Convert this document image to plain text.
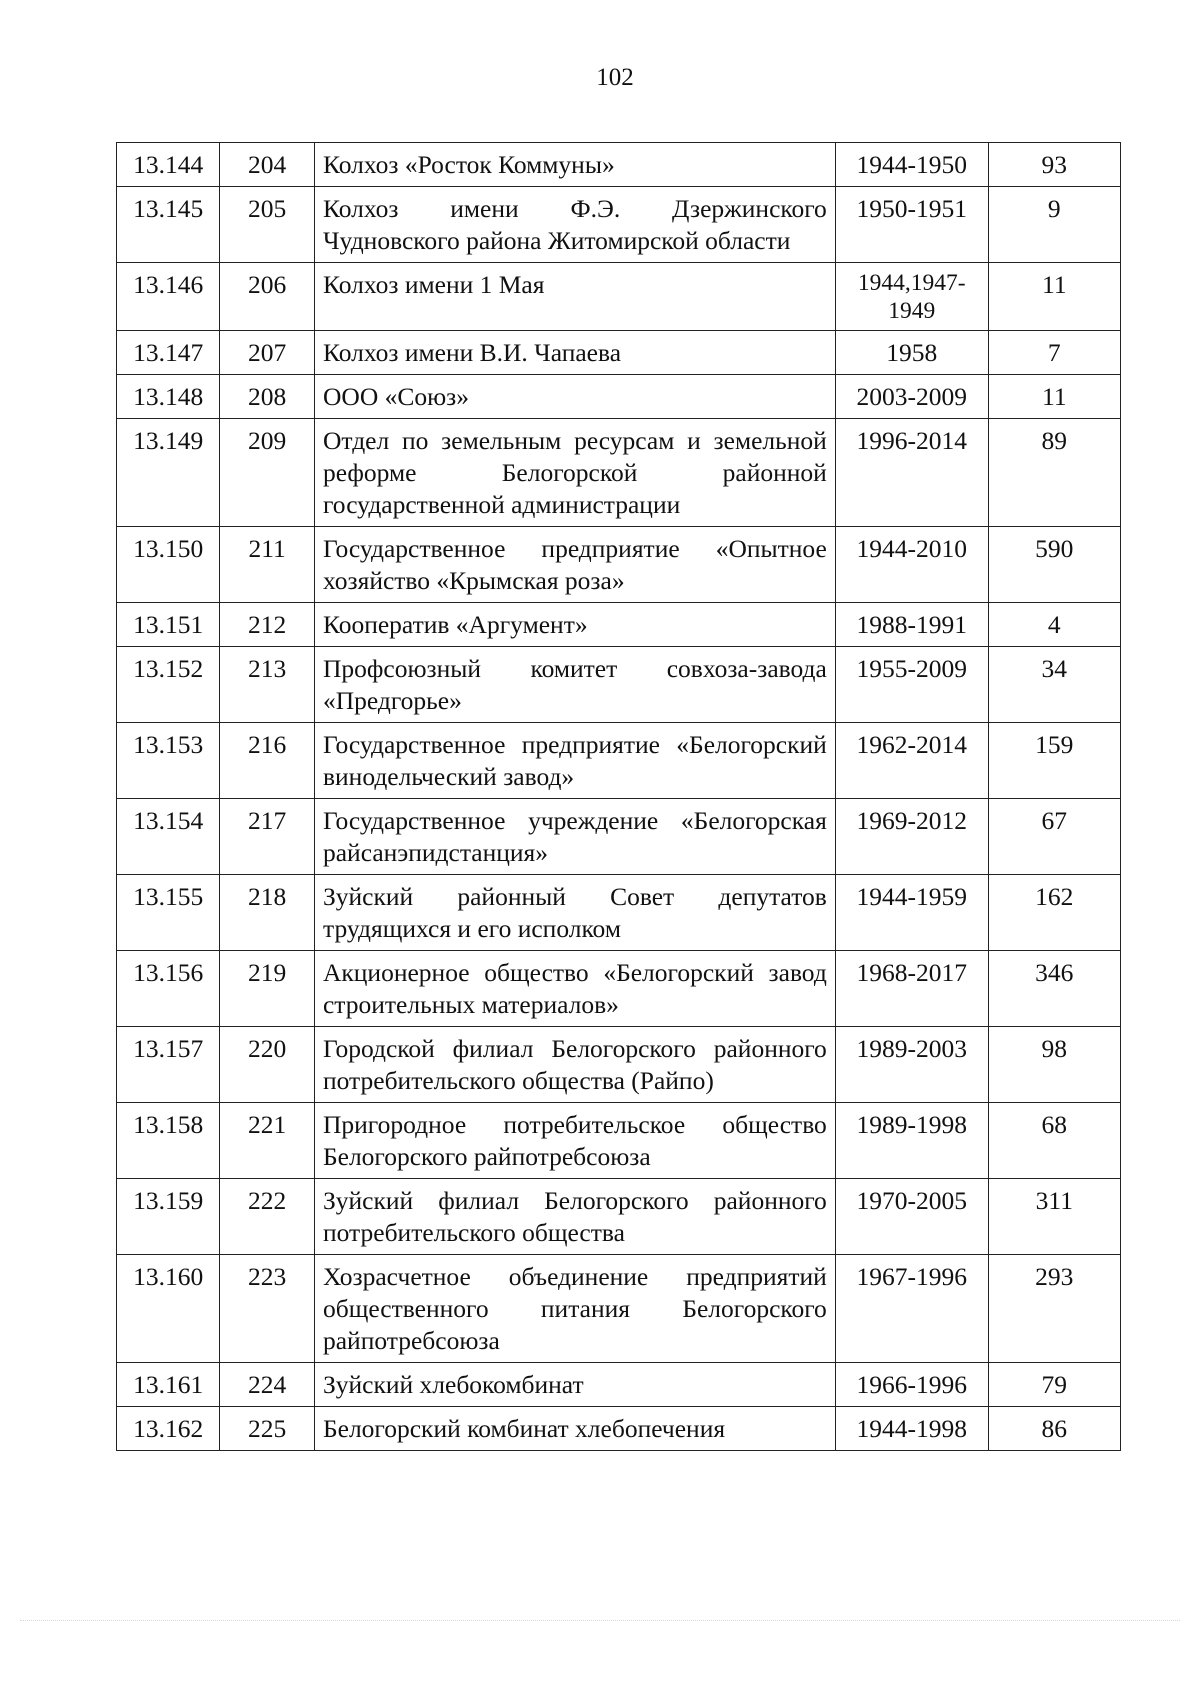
102
13.144	204	Колхоз «Росток Коммуны»	1944-1950	93
13.145	205	Колхоз имени Ф.Э. Дзержинского Чудновского района Житомирской области	1950-1951	9
13.146	206	Колхоз имени 1 Мая	1944,1947-1949	11
13.147	207	Колхоз имени В.И. Чапаева	1958	7
13.148	208	ООО «Союз»	2003-2009	11
13.149	209	Отдел по земельным ресурсам и земельной реформе Белогорской районной государственной администрации	1996-2014	89
13.150	211	Государственное предприятие «Опытное хозяйство «Крымская роза»	1944-2010	590
13.151	212	Кооператив «Аргумент»	1988-1991	4
13.152	213	Профсоюзный комитет совхоза-завода «Предгорье»	1955-2009	34
13.153	216	Государственное предприятие «Белогорский винодельческий завод»	1962-2014	159
13.154	217	Государственное учреждение «Белогорская райсанэпидстанция»	1969-2012	67
13.155	218	Зуйский районный Совет депутатов трудящихся и его исполком	1944-1959	162
13.156	219	Акционерное общество «Белогорский завод строительных материалов»	1968-2017	346
13.157	220	Городской филиал Белогорского районного потребительского общества (Райпо)	1989-2003	98
13.158	221	Пригородное потребительское общество Белогорского райпотребсоюза	1989-1998	68
13.159	222	Зуйский филиал Белогорского районного потребительского общества	1970-2005	311
13.160	223	Хозрасчетное объединение предприятий общественного питания Белогорского райпотребсоюза	1967-1996	293
13.161	224	Зуйский хлебокомбинат	1966-1996	79
13.162	225	Белогорский комбинат хлебопечения	1944-1998	86
